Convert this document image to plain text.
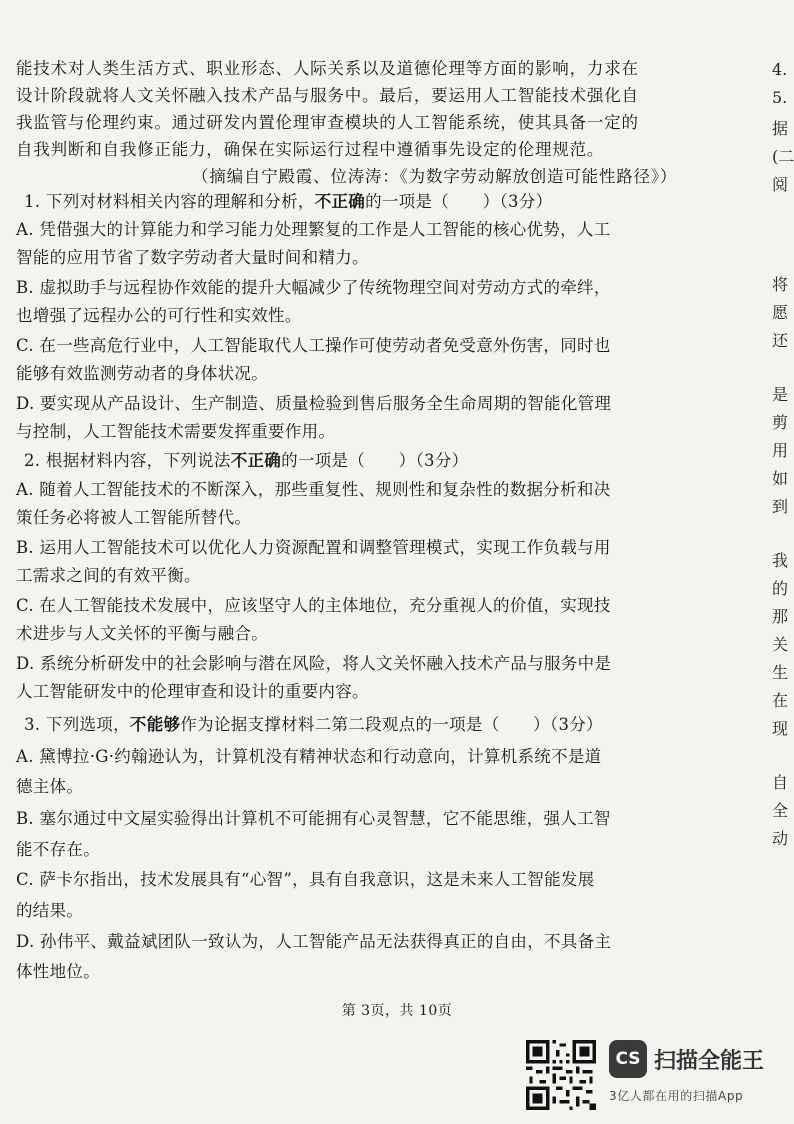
能技术对人类生活方式、职业形态、人际关系以及道德伦理等方面的影响，力求在
设计阶段就将人文关怀融入技术产品与服务中。最后，要运用人工智能技术强化自
我监管与伦理约束。通过研发内置伦理审查模块的人工智能系统，使其具备一定的
自我判断和自我修正能力，确保在实际运行过程中遵循事先设定的伦理规范。
（摘编自宁殿霞、位涛涛：《为数字劳动解放创造可能性路径》）
1. 下列对材料相关内容的理解和分析，不正确的一项是（　　）（3分）
A. 凭借强大的计算能力和学习能力处理繁复的工作是人工智能的核心优势，人工
智能的应用节省了数字劳动者大量时间和精力。
B. 虚拟助手与远程协作效能的提升大幅减少了传统物理空间对劳动方式的牵绊，
也增强了远程办公的可行性和实效性。
C. 在一些高危行业中，人工智能取代人工操作可使劳动者免受意外伤害，同时也
能够有效监测劳动者的身体状况。
D. 要实现从产品设计、生产制造、质量检验到售后服务全生命周期的智能化管理
与控制，人工智能技术需要发挥重要作用。
2. 根据材料内容，下列说法不正确的一项是（　　）（3分）
A. 随着人工智能技术的不断深入，那些重复性、规则性和复杂性的数据分析和决
策任务必将被人工智能所替代。
B. 运用人工智能技术可以优化人力资源配置和调整管理模式，实现工作负载与用
工需求之间的有效平衡。
C. 在人工智能技术发展中，应该坚守人的主体地位，充分重视人的价值，实现技
术进步与人文关怀的平衡与融合。
D. 系统分析研发中的社会影响与潜在风险，将人文关怀融入技术产品与服务中是
人工智能研发中的伦理审查和设计的重要内容。
3. 下列选项，不能够作为论据支撑材料二第二段观点的一项是（　　）（3分）
A. 黛博拉·G·约翰逊认为，计算机没有精神状态和行动意向，计算机系统不是道
德主体。
B. 塞尔通过中文屋实验得出计算机不可能拥有心灵智慧，它不能思维，强人工智
能不存在。
C. 萨卡尔指出，技术发展具有“心智”，具有自我意识，这是未来人工智能发展
的结果。
D. 孙伟平、戴益斌团队一致认为，人工智能产品无法获得真正的自由，不具备主
体性地位。
第 3页，共 10页
4.
5.
据
(二
阅
将
愿
还
是
剪
用
如
到
我
的
那
关
生
在
现
自
全
动
CS 扫描全能王
3亿人都在用的扫描App
